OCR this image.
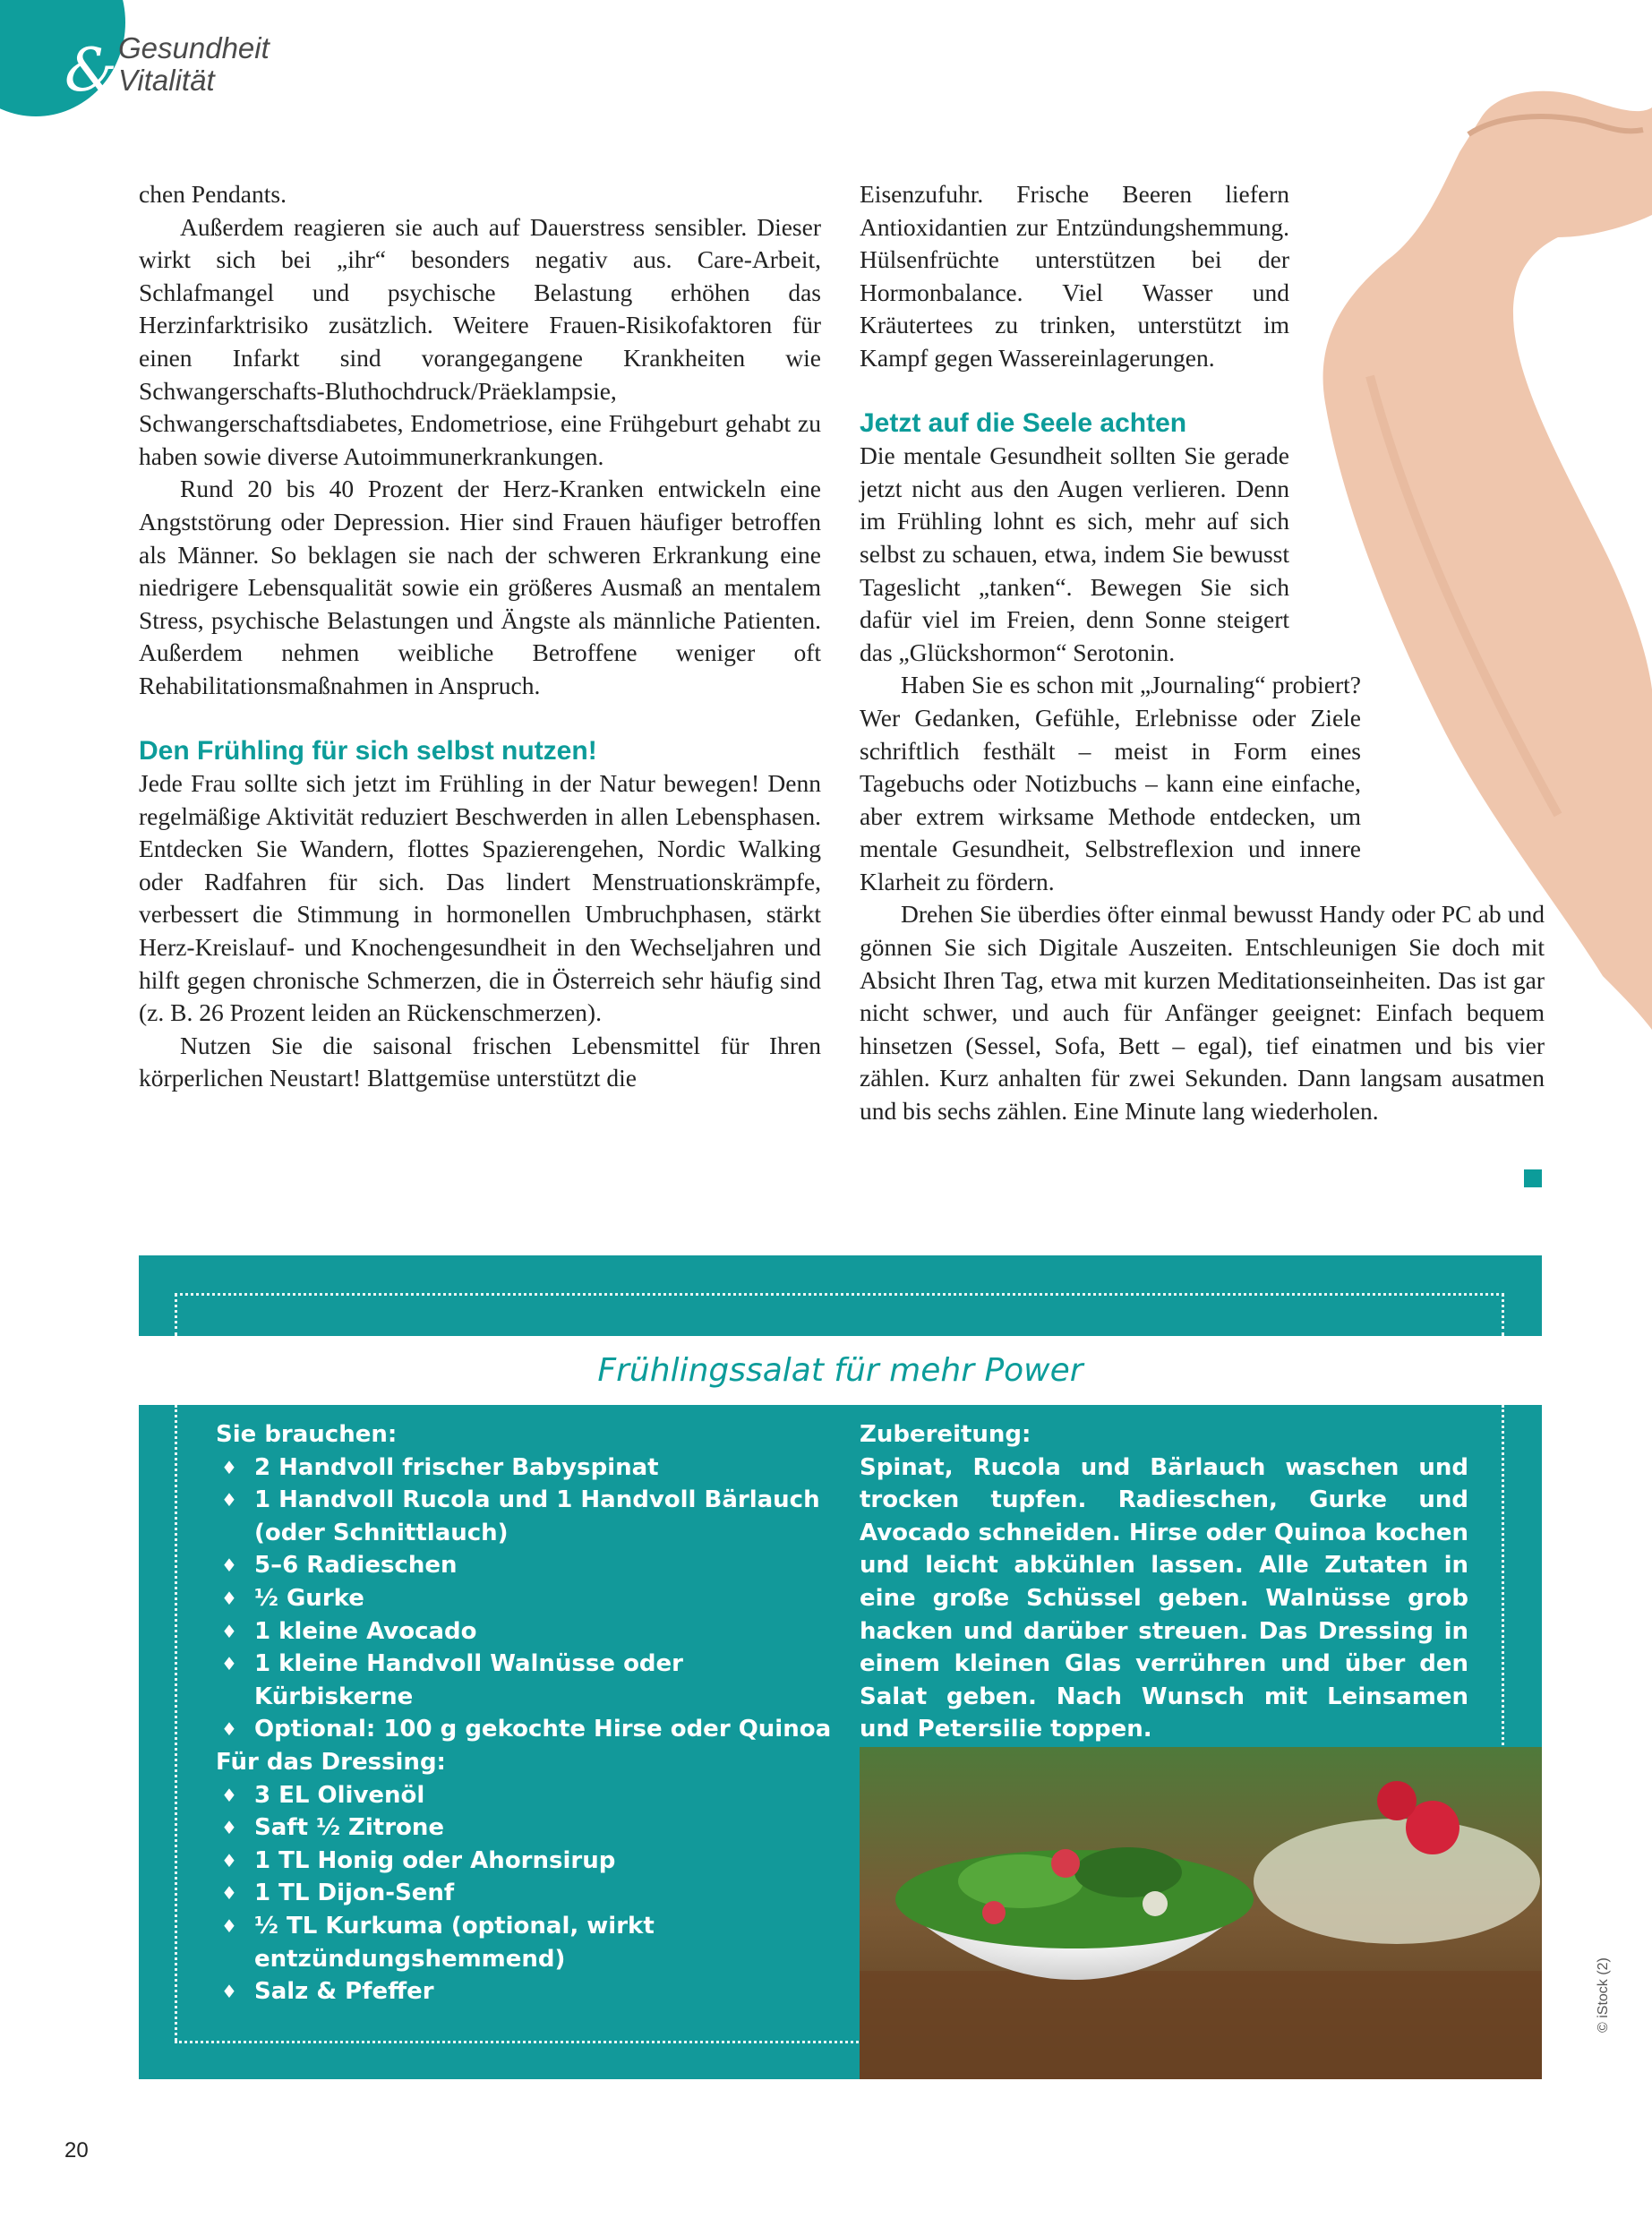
& Gesundheit
Vitalität

chen Pendants.

Außerdem reagieren sie auch auf Dauerstress sensibler. Dieser wirkt sich bei „ihr“ besonders negativ aus. Care-Arbeit, Schlafmangel und psychische Belastung erhöhen das Herzinfarktrisiko zusätzlich. Weitere Frauen-Risikofaktoren für einen Infarkt sind vorangegangene Krankheiten wie Schwangerschafts-Bluthochdruck/Präeklampsie, Schwangerschaftsdiabetes, Endometriose, eine Frühgeburt gehabt zu haben sowie diverse Autoimmunerkrankungen.

Rund 20 bis 40 Prozent der Herz-Kranken entwickeln eine Angststörung oder Depression. Hier sind Frauen häufiger betroffen als Männer. So beklagen sie nach der schweren Erkrankung eine niedrigere Lebensqualität sowie ein größeres Ausmaß an mentalem Stress, psychische Belastungen und Ängste als männliche Patienten. Außerdem nehmen weibliche Betroffene weniger oft Rehabilitationsmaßnahmen in Anspruch.

Den Frühling für sich selbst nutzen!

Jede Frau sollte sich jetzt im Frühling in der Natur bewegen! Denn regelmäßige Aktivität reduziert Beschwerden in allen Lebensphasen. Entdecken Sie Wandern, flottes Spazierengehen, Nordic Walking oder Radfahren für sich. Das lindert Menstruationskrämpfe, verbessert die Stimmung in hormonellen Umbruchphasen, stärkt Herz-Kreislauf- und Knochengesundheit in den Wechseljahren und hilft gegen chronische Schmerzen, die in Österreich sehr häufig sind (z. B. 26 Prozent leiden an Rückenschmerzen).

Nutzen Sie die saisonal frischen Lebensmittel für Ihren körperlichen Neustart! Blattgemüse unterstützt die

Eisenzufuhr. Frische Beeren liefern Antioxidantien zur Entzündungshemmung. Hülsenfrüchte unterstützen bei der Hormonbalance. Viel Wasser und Kräutertees zu trinken, unterstützt im Kampf gegen Wassereinlagerungen.

Jetzt auf die Seele achten

Die mentale Gesundheit sollten Sie gerade jetzt nicht aus den Augen verlieren. Denn im Frühling lohnt es sich, mehr auf sich selbst zu schauen, etwa, indem Sie bewusst Tageslicht „tanken“. Bewegen Sie sich dafür viel im Freien, denn Sonne steigert das „Glückshormon“ Serotonin.

Haben Sie es schon mit „Journaling“ probiert? Wer Gedanken, Gefühle, Erlebnisse oder Ziele schriftlich festhält – meist in Form eines Tagebuchs oder Notizbuchs – kann eine einfache, aber extrem wirksame Methode entdecken, um mentale Gesundheit, Selbstreflexion und innere Klarheit zu fördern.

Drehen Sie überdies öfter einmal bewusst Handy oder PC ab und gönnen Sie sich Digitale Auszeiten. Entschleunigen Sie doch mit Absicht Ihren Tag, etwa mit kurzen Meditationseinheiten. Das ist gar nicht schwer, und auch für Anfänger geeignet: Einfach bequem hinsetzen (Sessel, Sofa, Bett – egal), tief einatmen und bis vier zählen. Kurz anhalten für zwei Sekunden. Dann langsam ausatmen und bis sechs zählen. Eine Minute lang wiederholen.

Frühlingssalat für mehr Power
Sie brauchen:
♦ 2 Handvoll frischer Babyspinat
♦ 1 Handvoll Rucola und 1 Handvoll Bärlauch (oder Schnittlauch)
♦ 5–6 Radieschen
♦ ½ Gurke
♦ 1 kleine Avocado
♦ 1 kleine Handvoll Walnüsse oder Kürbiskerne
♦ Optional: 100 g gekochte Hirse oder Quinoa
Für das Dressing:
♦ 3 EL Olivenöl
♦ Saft ½ Zitrone
♦ 1 TL Honig oder Ahornsirup
♦ 1 TL Dijon-Senf
♦ ½ TL Kurkuma (optional, wirkt entzündungshemmend)
♦ Salz & Pfeffer
Zubereitung:
Spinat, Rucola und Bärlauch waschen und trocken tupfen. Radieschen, Gurke und Avocado schneiden. Hirse oder Quinoa kochen und leicht abkühlen lassen. Alle Zutaten in eine große Schüssel geben. Walnüsse grob hacken und darüber streuen. Das Dressing in einem kleinen Glas verrühren und über den Salat geben. Nach Wunsch mit Leinsamen und Petersilie toppen.
© iStock (2)
20
